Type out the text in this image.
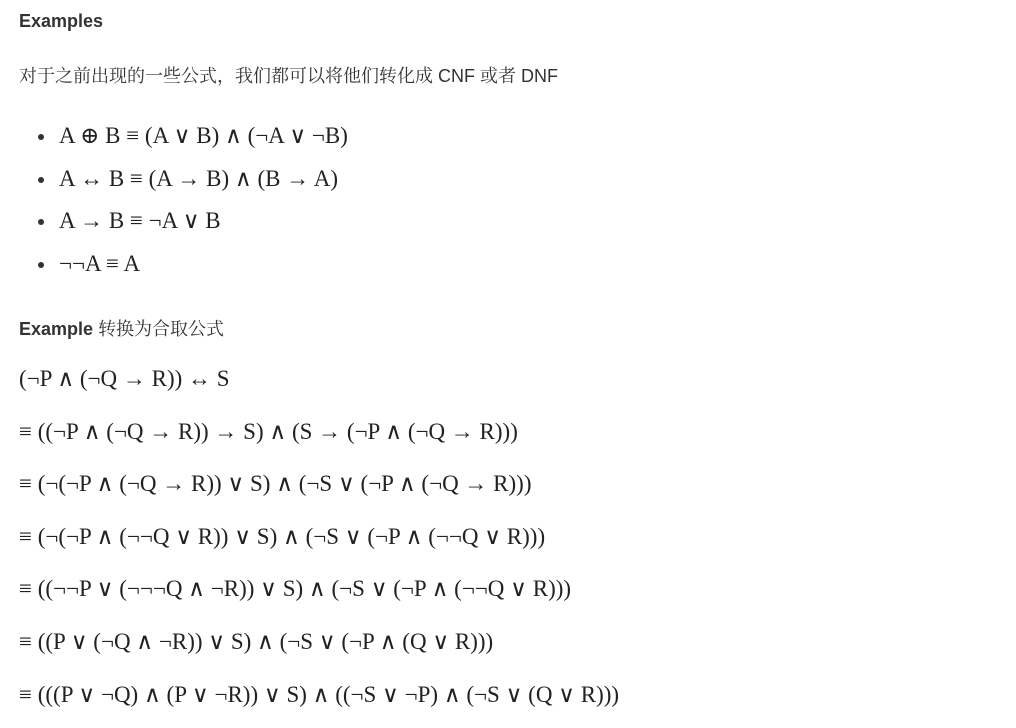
Examples
对于之前出现的一些公式，我们都可以将他们转化成 CNF 或者 DNF
A ⊕ B ≡ (A ∨ B) ∧ (¬A ∨ ¬B)
A ↔ B ≡ (A → B) ∧ (B → A)
A → B ≡ ¬A ∨ B
¬¬A ≡ A
Example 转换为合取公式
(¬P ∧ (¬Q → R)) ↔ S
≡ ((¬P ∧ (¬Q → R)) → S) ∧ (S → (¬P ∧ (¬Q → R)))
≡ (¬(¬P ∧ (¬Q → R)) ∨ S) ∧ (¬S ∨ (¬P ∧ (¬Q → R)))
≡ (¬(¬P ∧ (¬¬Q ∨ R)) ∨ S) ∧ (¬S ∨ (¬P ∧ (¬¬Q ∨ R)))
≡ ((¬¬P ∨ (¬¬¬Q ∧ ¬R)) ∨ S) ∧ (¬S ∨ (¬P ∧ (¬¬Q ∨ R)))
≡ ((P ∨ (¬Q ∧ ¬R)) ∨ S) ∧ (¬S ∨ (¬P ∧ (Q ∨ R)))
≡ (((P ∨ ¬Q) ∧ (P ∨ ¬R)) ∨ S) ∧ ((¬S ∨ ¬P) ∧ (¬S ∨ (Q ∨ R)))
